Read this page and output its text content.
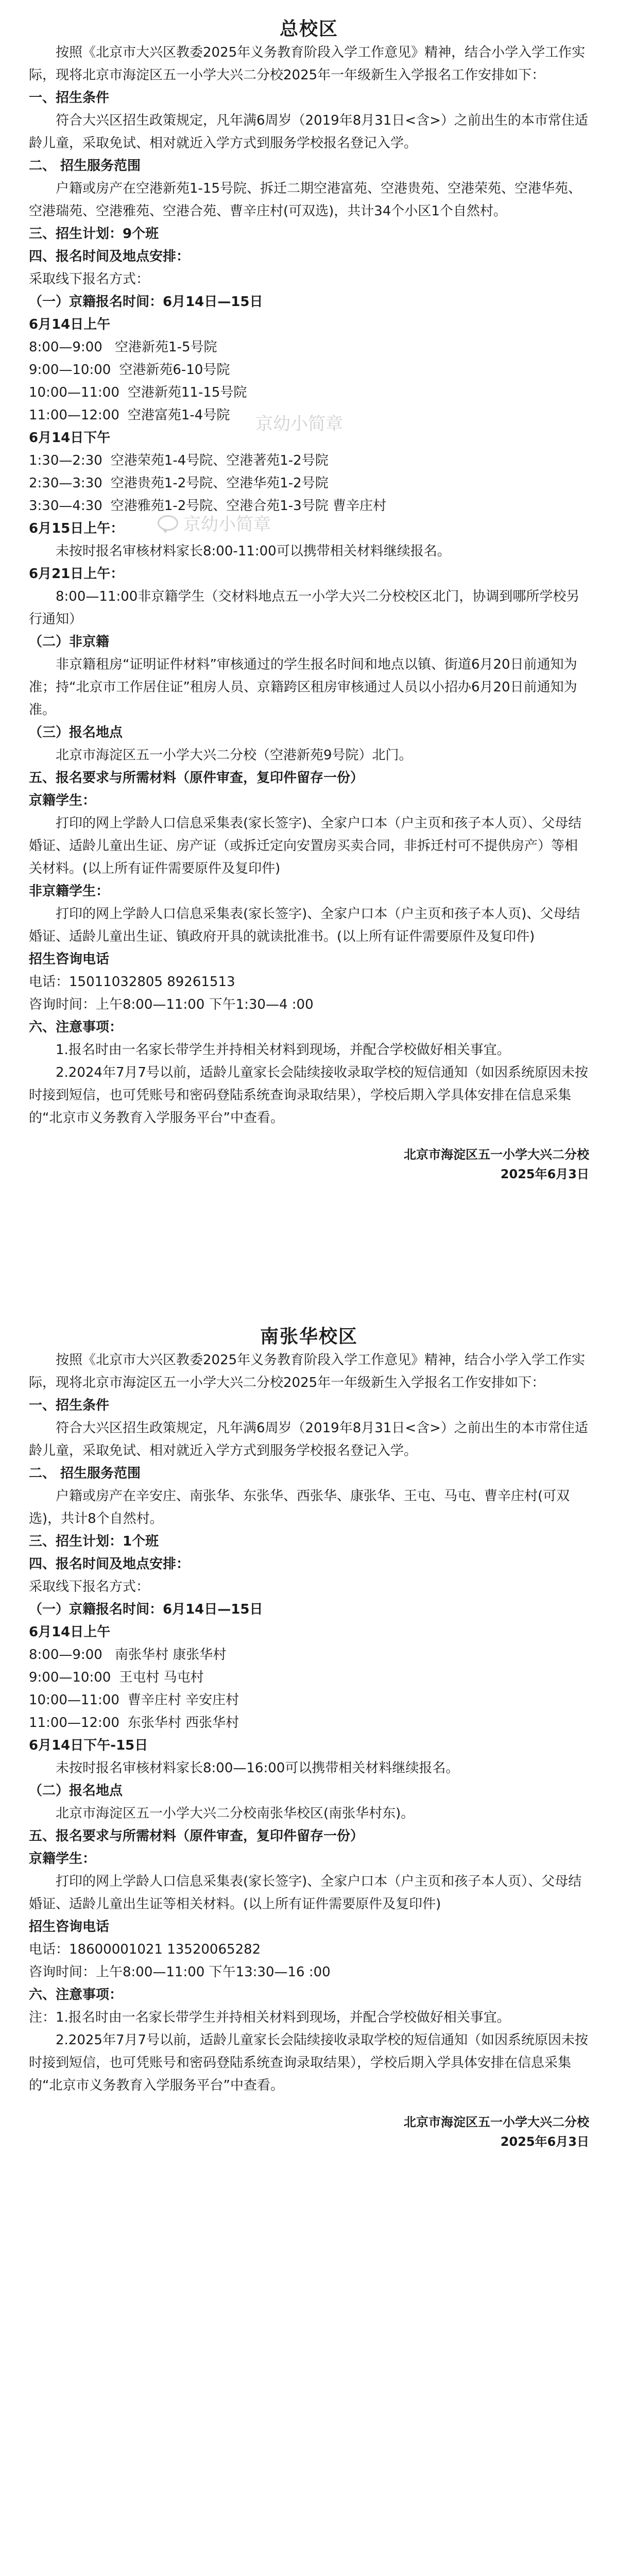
总校区

按照《北京市大兴区教委2025年义务教育阶段入学工作意见》精神，结合小学入学工作实际，现将北京市海淀区五一小学大兴二分校2025年一年级新生入学报名工作安排如下：

一、招生条件

符合大兴区招生政策规定，凡年满6周岁（2019年8月31日<含>）之前出生的本市常住适龄儿童，采取免试、相对就近入学方式到服务学校报名登记入学。

二、 招生服务范围

户籍或房产在空港新苑1-15号院、拆迁二期空港富苑、空港贵苑、空港荣苑、空港华苑、空港瑞苑、空港雅苑、空港合苑、曹辛庄村(可双选)，共计34个小区1个自然村。

三、招生计划：9个班

四、报名时间及地点安排：

采取线下报名方式：

（一）京籍报名时间：6月14日—15日

6月14日上午

8:00—9:00 空港新苑1-5号院
9:00—10:00 空港新苑6-10号院
10:00—11:00 空港新苑11-15号院
11:00—12:00 空港富苑1-4号院

6月14日下午

1:30—2:30 空港荣苑1-4号院、空港著苑1-2号院
2:30—3:30 空港贵苑1-2号院、空港华苑1-2号院
3:30—4:30 空港雅苑1-2号院、空港合苑1-3号院 曹辛庄村

6月15日上午：

未按时报名审核材料家长8:00-11:00可以携带相关材料继续报名。

6月21日上午：

8:00—11:00非京籍学生（交材料地点五一小学大兴二分校校区北门，协调到哪所学校另行通知）

（二）非京籍

非京籍租房“证明证件材料”审核通过的学生报名时间和地点以镇、街道6月20日前通知为准；持“北京市工作居住证”租房人员、京籍跨区租房审核通过人员以小招办6月20日前通知为准。

（三）报名地点

北京市海淀区五一小学大兴二分校（空港新苑9号院）北门。

五、报名要求与所需材料（原件审查，复印件留存一份）

京籍学生：

打印的网上学龄人口信息采集表(家长签字)、全家户口本（户主页和孩子本人页）、父母结婚证、适龄儿童出生证、房产证（或拆迁定向安置房买卖合同，非拆迁村可不提供房产）等相关材料。(以上所有证件需要原件及复印件)

非京籍学生：

打印的网上学龄人口信息采集表(家长签字)、全家户口本（户主页和孩子本人页)、父母结婚证、适龄儿童出生证、镇政府开具的就读批准书。(以上所有证件需要原件及复印件)

招生咨询电话

电话：15011032805 89261513

咨询时间：上午8:00—11:00 下午1:30—4 :00

六、注意事项：

1.报名时由一名家长带学生并持相关材料到现场，并配合学校做好相关事宜。

2.2024年7月7号以前，适龄儿童家长会陆续接收录取学校的短信通知（如因系统原因未按时接到短信，也可凭账号和密码登陆系统查询录取结果），学校后期入学具体安排在信息采集的“北京市义务教育入学服务平台”中查看。

北京市海淀区五一小学大兴二分校
2025年6月3日
京幼小简章
京幼小简章
南张华校区

按照《北京市大兴区教委2025年义务教育阶段入学工作意见》精神，结合小学入学工作实际，现将北京市海淀区五一小学大兴二分校2025年一年级新生入学报名工作安排如下：

一、招生条件

符合大兴区招生政策规定，凡年满6周岁（2019年8月31日<含>）之前出生的本市常住适龄儿童，采取免试、相对就近入学方式到服务学校报名登记入学。

二、 招生服务范围

户籍或房产在辛安庄、南张华、东张华、西张华、康张华、王屯、马屯、曹辛庄村(可双选)，共计8个自然村。

三、招生计划：1个班

四、报名时间及地点安排：

采取线下报名方式：

（一）京籍报名时间：6月14日—15日

6月14日上午

8:00—9:00 南张华村 康张华村
9:00—10:00 王屯村 马屯村
10:00—11:00 曹辛庄村 辛安庄村
11:00—12:00 东张华村 西张华村

6月14日下午-15日

未按时报名审核材料家长8:00—16:00可以携带相关材料继续报名。

（二）报名地点

北京市海淀区五一小学大兴二分校南张华校区(南张华村东)。

五、报名要求与所需材料（原件审查，复印件留存一份）

京籍学生：

打印的网上学龄人口信息采集表(家长签字)、全家户口本（户主页和孩子本人页）、父母结婚证、适龄儿童出生证等相关材料。(以上所有证件需要原件及复印件)

招生咨询电话

电话：18600001021 13520065282

咨询时间：上午8:00—11:00 下午13:30—16 :00

六、注意事项：

注：1.报名时由一名家长带学生并持相关材料到现场，并配合学校做好相关事宜。

2.2025年7月7号以前，适龄儿童家长会陆续接收录取学校的短信通知（如因系统原因未按时接到短信，也可凭账号和密码登陆系统查询录取结果），学校后期入学具体安排在信息采集的“北京市义务教育入学服务平台”中查看。

北京市海淀区五一小学大兴二分校
2025年6月3日
